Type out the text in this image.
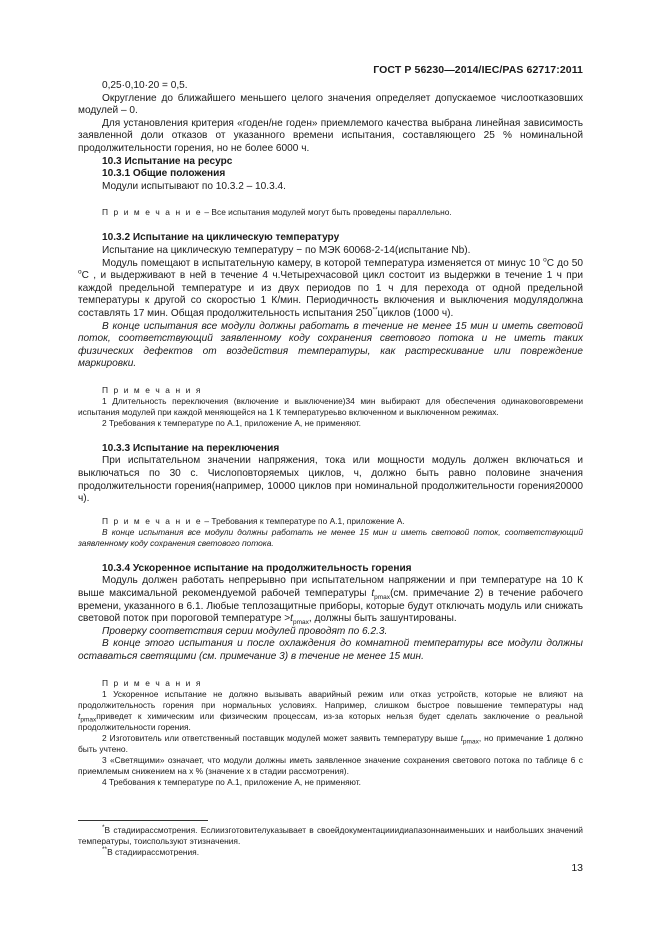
ГОСТ Р 56230—2014/IEC/PAS 62717:2011

0,25·0,10·20 = 0,5.

Округление до ближайшего меньшего целого значения определяет допускаемое числоотказовших модулей – 0.

Для установления критерия «годен/не годен» приемлемого качества выбрана линейная зависимость заявленной доли отказов от указанного времени испытания, составляющего 25 % номинальной продолжительности горения, но не более 6000 ч.

10.3 Испытание на ресурс

10.3.1 Общие положения

Модули испытывают по 10.3.2 – 10.3.4.

П р и м е ч а н и е – Все испытания модулей могут быть проведены параллельно.

10.3.2 Испытание на циклическую температуру

Испытание на циклическую температуру − по МЭК 60068-2-14(испытание Nb).

Модуль помещают в испытательную камеру, в которой температура изменяется от минус 10 $^o$C до 50 $^o$C , и выдерживают в ней в течение 4 ч.Четырехчасовой цикл состоит из выдержки в течение 1 ч при каждой предельной температуре и из двух периодов по 1 ч для перехода от одной предельной температуры к другой со скоростью 1 К/мин. Периодичность включения и выключения модулядолжна составлять 17 мин. Общая продолжительность испытания 250**циклов (1000 ч).

В конце испытания все модули должны работать в течение не менее 15 мин и иметь световой поток, соответствующий заявленному коду сохранения светового потока и не иметь таких физических дефектов от воздействия температуры, как растрескивание или повреждение маркировки.

П р и м е ч а н и я

1 Длительность переключения (включение и выключение)34 мин выбирают для обеспечения одинаковоговремени испытания модулей при каждой меняющейся на 1 К температуреьво включенном и выключенном режимах.

2 Требования к температуре по А.1, приложение А, не применяют.

10.3.3 Испытание на переключения

При испытательном значении напряжения, тока или мощности модуль должен включаться и выключаться по 30 с. Числоповторяемых циклов, ч, должно быть равно половине значения продолжительности горения(например, 10000 циклов при номинальной продолжительности горения20000 ч).

П р и м е ч а н и е – Требования к температуре по А.1, приложение А.

В конце испытания все модули должны работать не менее 15 мин и иметь световой поток, соответствующий заявленному коду сохранения светового потока.

10.3.4 Ускоренное испытание на продолжительность горения

Модуль должен работать непрерывно при испытательном напряжении и при температуре на 10 К выше максимальной рекомендуемой рабочей температуры $t_{pmax}(см$. примечание 2) в течение рабочего времени, указанного в 6.1. Любые теплозащитные приборы, которые будут отключать модуль или снижать световой поток при пороговой температуре $>t_{pmax}$, должны быть зашунтированы.

Проверку соответствия серии модулей проводят по 6.2.3.

В конце этого испытания и после охлаждения до комнатной температуры все модули должны оставаться светящими (см. примечание 3) в течение не менее 15 мин.

П р и м е ч а н и я

1 Ускоренное испытание не должно вызывать аварийный режим или отказ устройств, которые не влияют на продолжительность горения при нормальных условиях. Например, слишком быстрое повышение температуры над $t_{pmax}приведет$ к химическим или физическим процессам, из-за которых нельзя будет сделать заключение о реальной продолжительности горения.

2 Изготовитель или ответственный поставщик модулей может заявить температуру выше $t_{pmax}$, но примечание 1 должно быть учтено.

3 «Светящими» означает, что модули должны иметь заявленное значение сохранения светового потока по таблице 6 с приемлемым снижением на x % (значение x в стадии рассмотрения).

4 Требования к температуре по А.1, приложение А, не применяют.

*В стадиирассмотрения. Еслиизготовителуказывает в своейдокументацииидиапазоннаименьших и наибольших значений температуры, тоиспользуют этизначения.

**В стадиирассмотрения.

13
